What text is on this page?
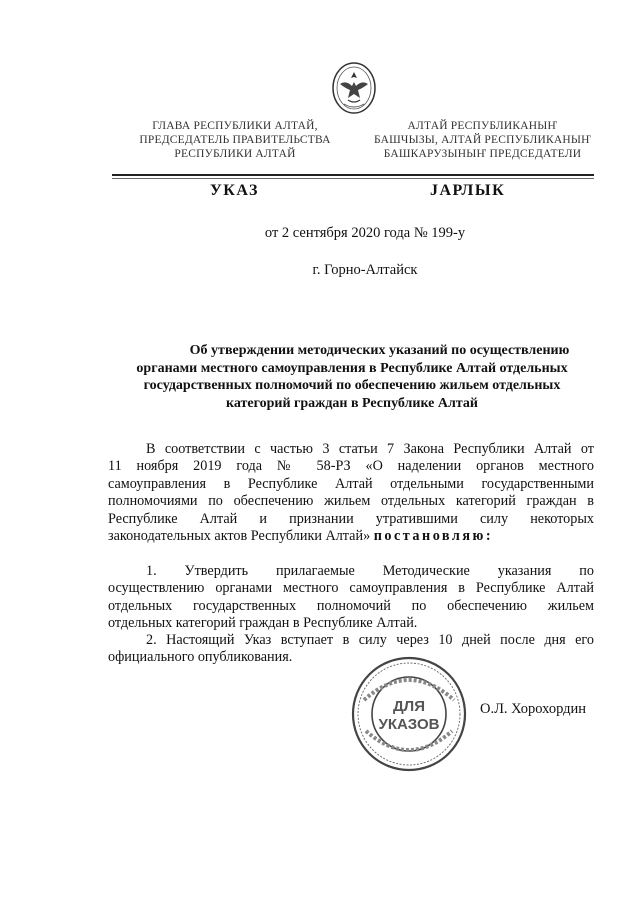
ГЛАВА РЕСПУБЛИКИ АЛТАЙ,
ПРЕДСЕДАТЕЛЬ ПРАВИТЕЛЬСТВА
РЕСПУБЛИКИ АЛТАЙ
АЛТАЙ РЕСПУБЛИКАНЫҤ
БАШЧЫЗЫ, АЛТАЙ РЕСПУБЛИКАНЫҤ
БАШКАРУЗЫНЫҤ ПРЕДСЕДАТЕЛИ
УКАЗ	JАРЛЫК
от 2 сентября 2020 года № 199-у
г. Горно-Алтайск
Об утверждении методических указаний по осуществлению
органами местного самоуправления в Республике Алтай отдельных
государственных полномочий по обеспечению жильем отдельных
категорий граждан в Республике Алтай
В соответствии с частью 3 статьи 7 Закона Республики Алтай от
11 ноября 2019 года № 58-РЗ «О наделении органов местного
самоуправления в Республике Алтай отдельными государственными
полномочиями по обеспечению жильем отдельных категорий граждан в
Республике Алтай и признании утратившими силу некоторых
законодательных актов Республики Алтай» постановляю:
1. Утвердить прилагаемые Методические указания по
осуществлению органами местного самоуправления в Республике Алтай
отдельных государственных полномочий по обеспечению жильем
отдельных категорий граждан в Республике Алтай.
2. Настоящий Указ вступает в силу через 10 дней после дня его
официального опубликования.
ДЛЯ
УКАЗОВ
О.Л. Хорохордин
